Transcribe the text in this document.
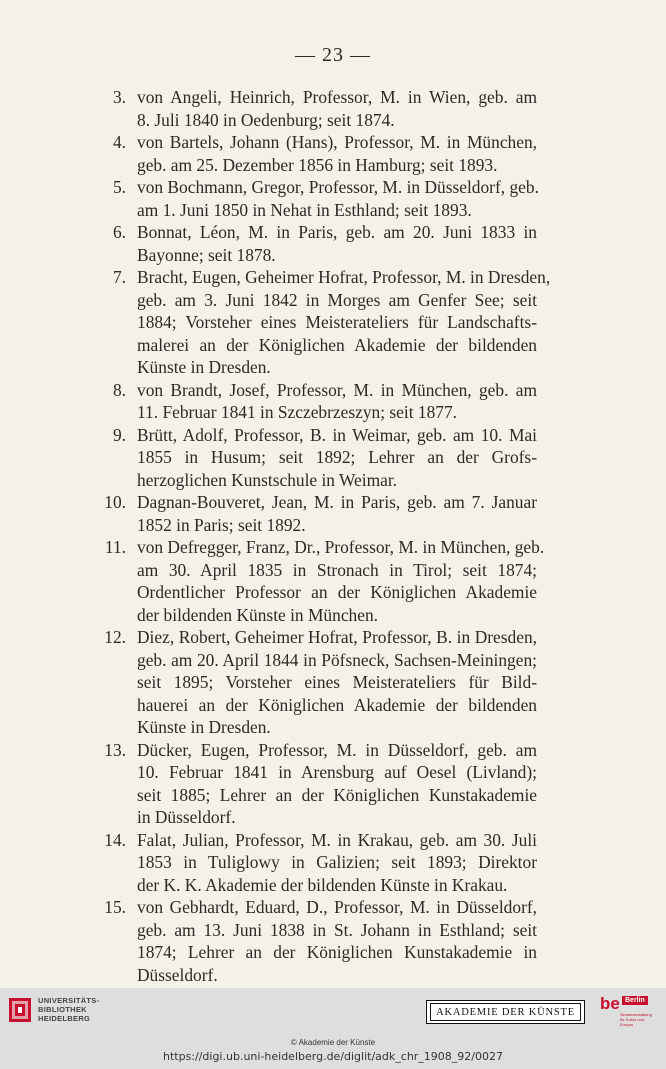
— 23 —
3. von Angeli, Heinrich, Professor, M. in Wien, geb. am
8. Juli 1840 in Oedenburg; seit 1874.
4. von Bartels, Johann (Hans), Professor, M. in München,
geb. am 25. Dezember 1856 in Hamburg; seit 1893.
5. von Bochmann, Gregor, Professor, M. in Düsseldorf, geb.
am 1. Juni 1850 in Nehat in Esthland; seit 1893.
6. Bonnat, Léon, M. in Paris, geb. am 20. Juni 1833 in
Bayonne; seit 1878.
7. Bracht, Eugen, Geheimer Hofrat, Professor, M. in Dresden,
geb. am 3. Juni 1842 in Morges am Genfer See; seit
1884; Vorsteher eines Meisterateliers für Landschafts-
malerei an der Königlichen Akademie der bildenden
Künste in Dresden.
8. von Brandt, Josef, Professor, M. in München, geb. am
11. Februar 1841 in Szczebrzeszyn; seit 1877.
9. Brütt, Adolf, Professor, B. in Weimar, geb. am 10. Mai
1855 in Husum; seit 1892; Lehrer an der Grofs-
herzoglichen Kunstschule in Weimar.
10. Dagnan-Bouveret, Jean, M. in Paris, geb. am 7. Januar
1852 in Paris; seit 1892.
11. von Defregger, Franz, Dr., Professor, M. in München, geb.
am 30. April 1835 in Stronach in Tirol; seit 1874;
Ordentlicher Professor an der Königlichen Akademie
der bildenden Künste in München.
12. Diez, Robert, Geheimer Hofrat, Professor, B. in Dresden,
geb. am 20. April 1844 in Pöfsneck, Sachsen-Meiningen;
seit 1895; Vorsteher eines Meisterateliers für Bild-
hauerei an der Königlichen Akademie der bildenden
Künste in Dresden.
13. Dücker, Eugen, Professor, M. in Düsseldorf, geb. am
10. Februar 1841 in Arensburg auf Oesel (Livland);
seit 1885; Lehrer an der Königlichen Kunstakademie
in Düsseldorf.
14. Falat, Julian, Professor, M. in Krakau, geb. am 30. Juli
1853 in Tuliglowy in Galizien; seit 1893; Direktor
der K. K. Akademie der bildenden Künste in Krakau.
15. von Gebhardt, Eduard, D., Professor, M. in Düsseldorf,
geb. am 13. Juni 1838 in St. Johann in Esthland; seit
1874; Lehrer an der Königlichen Kunstakademie in
Düsseldorf.
UNIVERSITÄTS-
BIBLIOTHEK
HEIDELBERG
AKADEMIE DER KÜNSTE	be Berlin
Senatsverwaltung
für Kultur und Europa
© Akademie der Künste
https://digi.ub.uni-heidelberg.de/diglit/adk_chr_1908_92/0027
